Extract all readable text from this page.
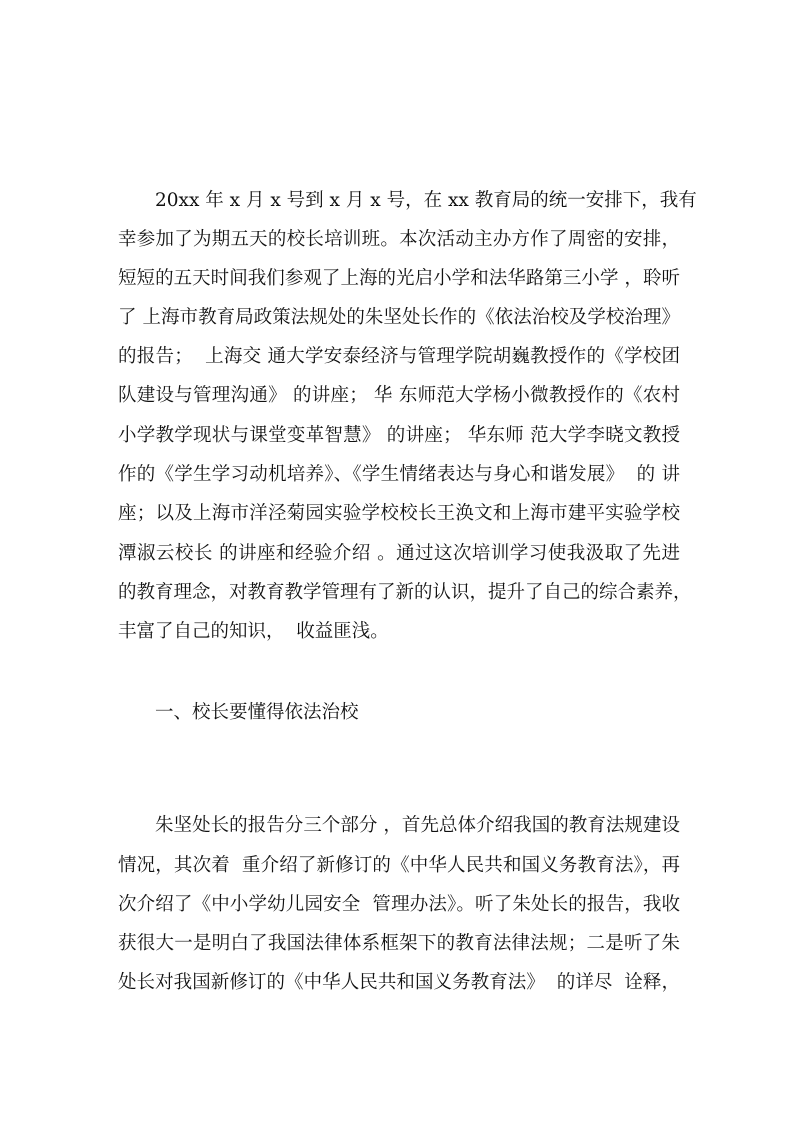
20xx 年 x 月 x 号到 x 月 x 号，在 xx 教育局的统一安排下，我有
幸参加了为期五天的校长培训班。本次活动主办方作了周密的安排，
短短的五天时间我们参观了上海的光启小学和法华路第三小学 ，聆听
了 上海市教育局政策法规处的朱坚处长作的《依法治校及学校治理》
的报告；  上海交 通大学安泰经济与管理学院胡巍教授作的《学校团
队建设与管理沟通》 的讲座； 华 东师范大学杨小微教授作的《农村
小学教学现状与课堂变革智慧》 的讲座； 华东师 范大学李晓文教授
作的《学生学习动机培养》、《学生情绪表达与身心和谐发展》  的 讲
座；以及上海市洋泾菊园实验学校校长王涣文和上海市建平实验学校
潭淑云校长 的讲座和经验介绍 。通过这次培训学习使我汲取了先进
的教育理念，对教育教学管理有了新的认识，提升了自己的综合素养，
丰富了自己的知识，  收益匪浅。
一、校长要懂得依法治校
朱坚处长的报告分三个部分 ，首先总体介绍我国的教育法规建设
情况，其次着  重介绍了新修订的《中华人民共和国义务教育法》，再
次介绍了《中小学幼儿园安全  管理办法》。听了朱处长的报告，我收
获很大一是明白了我国法律体系框架下的教育法律法规；二是听了朱
处长对我国新修订的《中华人民共和国义务教育法》  的详尽  诠释，
